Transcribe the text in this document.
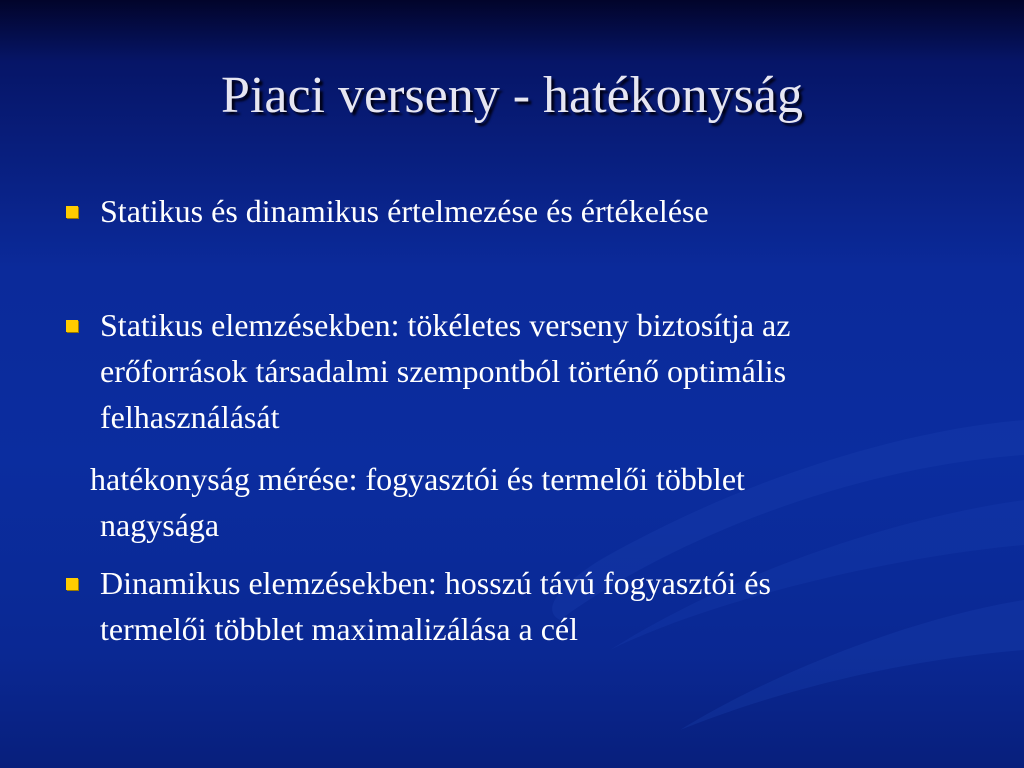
Piaci verseny - hatékonyság
Statikus és dinamikus értelmezése és értékelése
Statikus elemzésekben: tökéletes verseny biztosítja az
erőforrások társadalmi szempontból történő optimális
felhasználását
hatékonyság mérése: fogyasztói és termelői többlet
nagysága
Dinamikus elemzésekben: hosszú távú fogyasztói és
termelői többlet maximalizálása a cél
